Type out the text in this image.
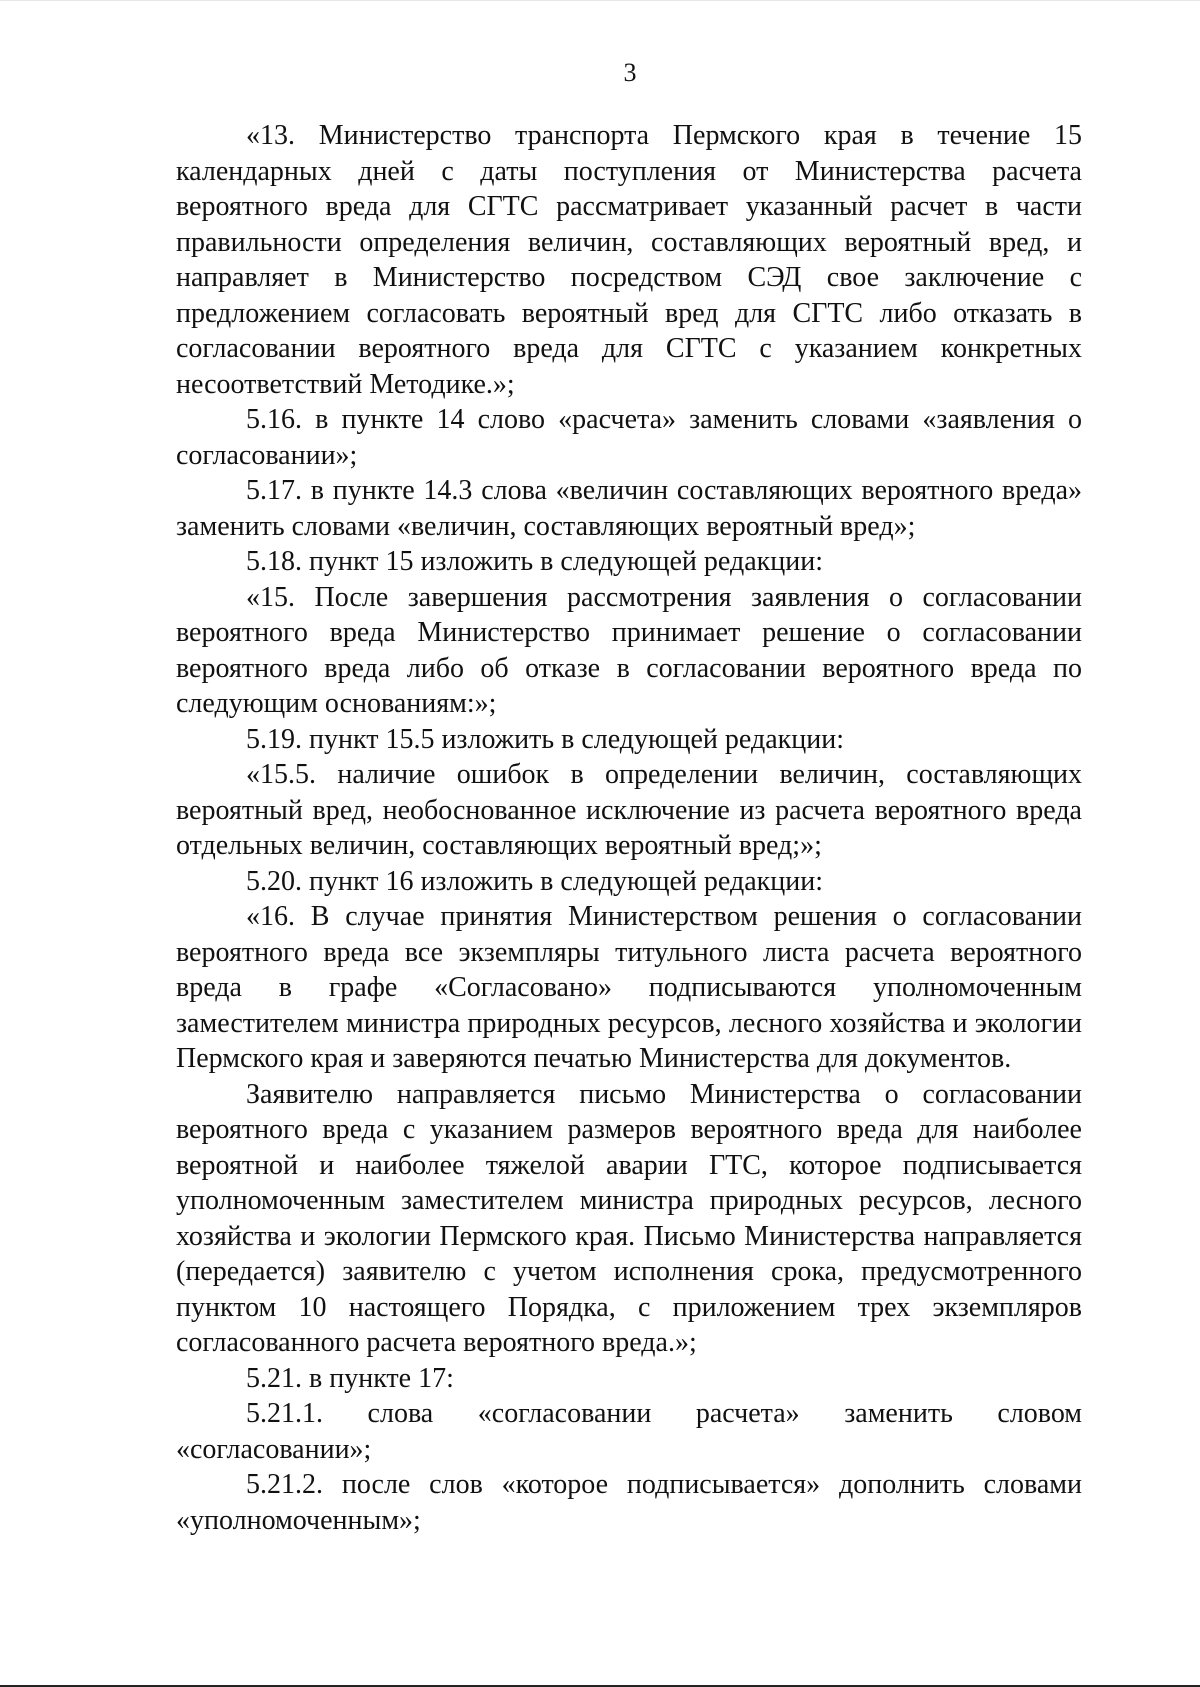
3

«13. Министерство транспорта Пермского края в течение 15 календарных дней с даты поступления от Министерства расчета вероятного вреда для СГТС рассматривает указанный расчет в части правильности определения величин, составляющих вероятный вред, и направляет в Министерство посредством СЭД свое заключение с предложением согласовать вероятный вред для СГТС либо отказать в согласовании вероятного вреда для СГТС с указанием конкретных несоответствий Методике.»;

5.16. в пункте 14 слово «расчета» заменить словами «заявления о согласовании»;

5.17. в пункте 14.3 слова «величин составляющих вероятного вреда» заменить словами «величин, составляющих вероятный вред»;

5.18. пункт 15 изложить в следующей редакции:

«15. После завершения рассмотрения заявления о согласовании вероятного вреда Министерство принимает решение о согласовании вероятного вреда либо об отказе в согласовании вероятного вреда по следующим основаниям:»;

5.19. пункт 15.5 изложить в следующей редакции:

«15.5. наличие ошибок в определении величин, составляющих вероятный вред, необоснованное исключение из расчета вероятного вреда отдельных величин, составляющих вероятный вред;»;

5.20. пункт 16 изложить в следующей редакции:

«16. В случае принятия Министерством решения о согласовании вероятного вреда все экземпляры титульного листа расчета вероятного вреда в графе «Согласовано» подписываются уполномоченным заместителем министра природных ресурсов, лесного хозяйства и экологии Пермского края и заверяются печатью Министерства для документов.

Заявителю направляется письмо Министерства о согласовании вероятного вреда с указанием размеров вероятного вреда для наиболее вероятной и наиболее тяжелой аварии ГТС, которое подписывается уполномоченным заместителем министра природных ресурсов, лесного хозяйства и экологии Пермского края. Письмо Министерства направляется (передается) заявителю с учетом исполнения срока, предусмотренного пунктом 10 настоящего Порядка, с приложением трех экземпляров согласованного расчета вероятного вреда.»;

5.21. в пункте 17:

5.21.1. слова «согласовании расчета» заменить словом «согласовании»;

5.21.2. после слов «которое подписывается» дополнить словами «уполномоченным»;
